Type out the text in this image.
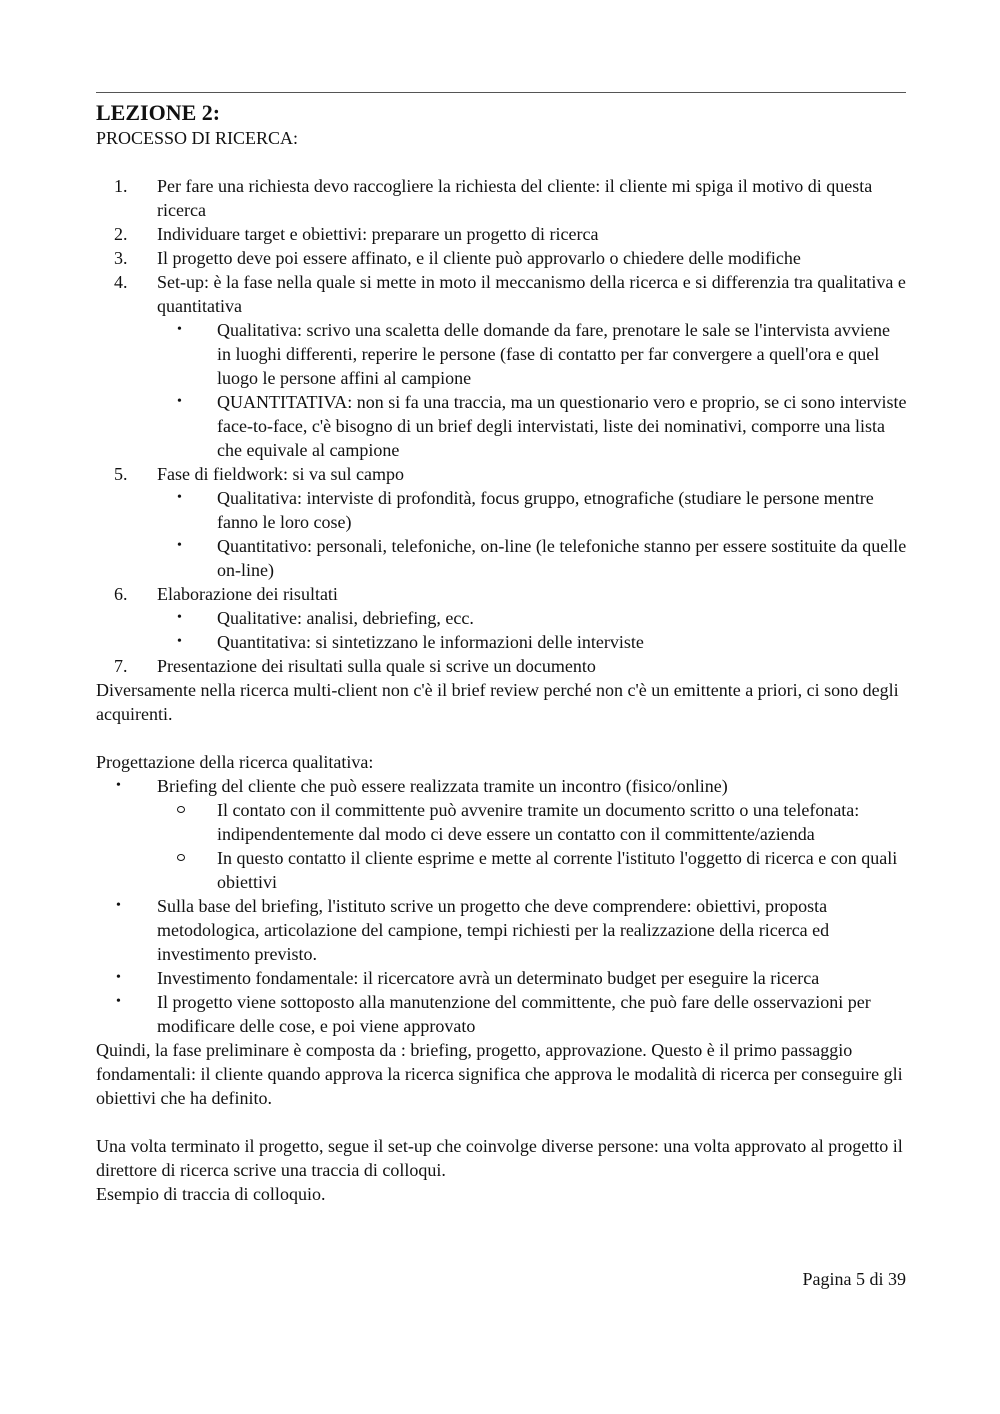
LEZIONE 2:

PROCESSO DI RICERCA:

1. Per fare una richiesta devo raccogliere la richiesta del cliente: il cliente mi spiga il motivo di questa ricerca
2. Individuare target e obiettivi: preparare un progetto di ricerca
3. Il progetto deve poi essere affinato, e il cliente può approvarlo o chiedere delle modifiche
4. Set-up: è la fase nella quale si mette in moto il meccanismo della ricerca e si differenzia tra qualitativa e quantitativa
• Qualitativa: scrivo una scaletta delle domande da fare, prenotare le sale se l'intervista avviene in luoghi differenti, reperire le persone (fase di contatto per far convergere a quell'ora e quel luogo le persone affini al campione
• QUANTITATIVA: non si fa una traccia, ma un questionario vero e proprio, se ci sono interviste face-to-face, c'è bisogno di un brief degli intervistati, liste dei nominativi, comporre una lista che equivale al campione
5. Fase di fieldwork: si va sul campo
• Qualitativa: interviste di profondità, focus gruppo, etnografiche (studiare le persone mentre fanno le loro cose)
• Quantitativo: personali, telefoniche, on-line (le telefoniche stanno per essere sostituite da quelle on-line)
6. Elaborazione dei risultati
• Qualitative: analisi, debriefing, ecc.
• Quantitativa: si sintetizzano le informazioni delle interviste
7. Presentazione dei risultati sulla quale si scrive un documento

Diversamente nella ricerca multi-client non c'è il brief review perché non c'è un emittente a priori, ci sono degli acquirenti.

Progettazione della ricerca qualitativa:

• Briefing del cliente che può essere realizzata tramite un incontro (fisico/online)
Il contato con il committente può avvenire tramite un documento scritto o una telefonata: indipendentemente dal modo ci deve essere un contatto con il committente/azienda
In questo contatto il cliente esprime e mette al corrente l'istituto l'oggetto di ricerca e con quali obiettivi
• Sulla base del briefing, l'istituto scrive un progetto che deve comprendere: obiettivi, proposta metodologica, articolazione del campione, tempi richiesti per la realizzazione della ricerca ed investimento previsto.
• Investimento fondamentale: il ricercatore avrà un determinato budget per eseguire la ricerca
• Il progetto viene sottoposto alla manutenzione del committente, che può fare delle osservazioni per modificare delle cose, e poi viene approvato

Quindi, la fase preliminare è composta da : briefing, progetto, approvazione. Questo è il primo passaggio fondamentali: il cliente quando approva la ricerca significa che approva le modalità di ricerca per conseguire gli obiettivi che ha definito.

Una volta terminato il progetto, segue il set-up che coinvolge diverse persone: una volta approvato al progetto il direttore di ricerca scrive una traccia di colloqui.

Esempio di traccia di colloquio.

Pagina 5 di 39
